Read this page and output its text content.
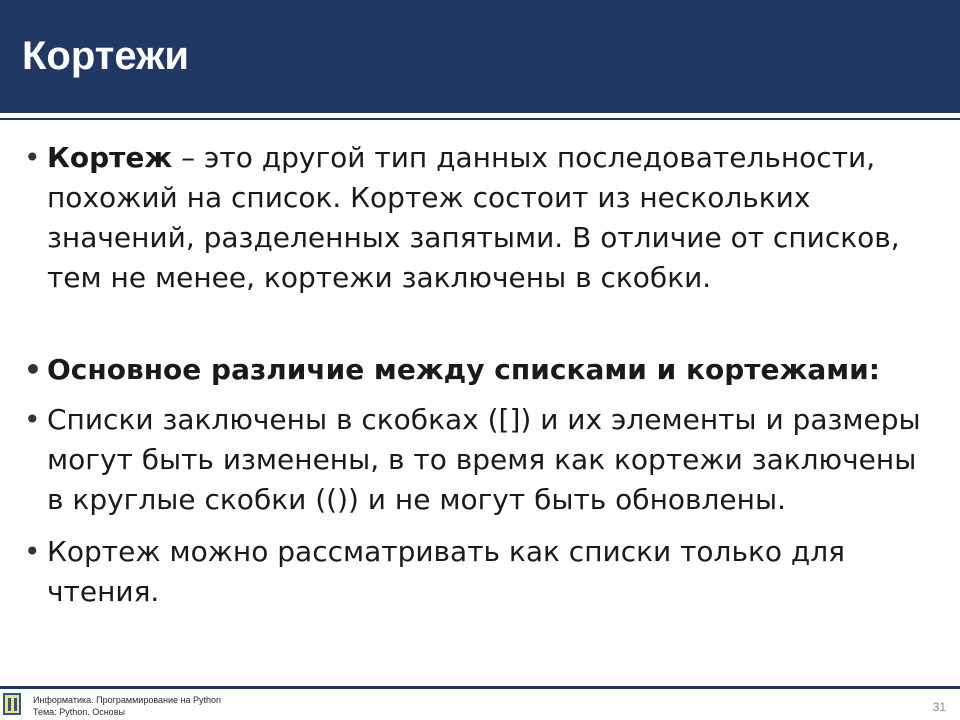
Кортежи
• Кортеж – это другой тип данных последовательности, похожий на список. Кортеж состоит из нескольких значений, разделенных запятыми. В отличие от списков, тем не менее, кортежи заключены в скобки.
• Основное различие между списками и кортежами:
• Списки заключены в скобках ([]) и их элементы и размеры могут быть изменены, в то время как кортежи заключены в круглые скобки (()) и не могут быть обновлены.
• Кортеж можно рассматривать как списки только для чтения.
Информатика. Программирование на Python
Тема: Python. Основы	31
